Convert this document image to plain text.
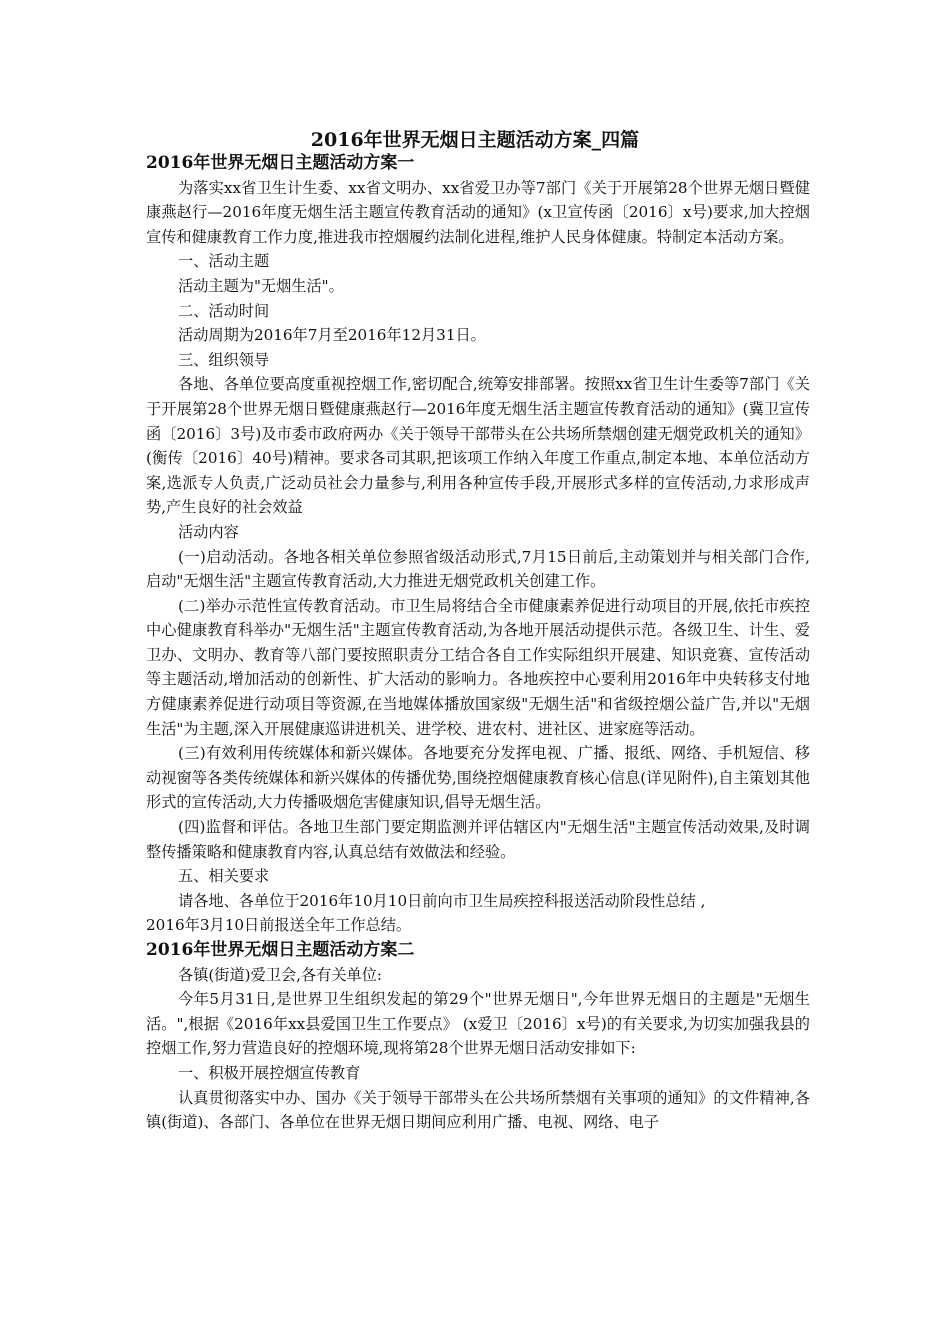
2016年世界无烟日主题活动方案_四篇

2016年世界无烟日主题活动方案一

为落实xx省卫生计生委、xx省文明办、xx省爱卫办等7部门《关于开展第28个世界无烟日暨健康燕赵行—2016年度无烟生活主题宣传教育活动的通知》(x卫宣传函〔2016〕x号)要求,加大控烟宣传和健康教育工作力度,推进我市控烟履约法制化进程,维护人民身体健康。特制定本活动方案。

一、活动主题

活动主题为"无烟生活"。

二、活动时间

活动周期为2016年7月至2016年12月31日。

三、组织领导

各地、各单位要高度重视控烟工作,密切配合,统筹安排部署。按照xx省卫生计生委等7部门《关于开展第28个世界无烟日暨健康燕赵行—2016年度无烟生活主题宣传教育活动的通知》(冀卫宣传函〔2016〕3号)及市委市政府两办《关于领导干部带头在公共场所禁烟创建无烟党政机关的通知》(衡传〔2016〕40号)精神。要求各司其职,把该项工作纳入年度工作重点,制定本地、本单位活动方案,选派专人负责,广泛动员社会力量参与,利用各种宣传手段,开展形式多样的宣传活动,力求形成声势,产生良好的社会效益

活动内容

(一)启动活动。各地各相关单位参照省级活动形式,7月15日前后,主动策划并与相关部门合作,启动"无烟生活"主题宣传教育活动,大力推进无烟党政机关创建工作。

(二)举办示范性宣传教育活动。市卫生局将结合全市健康素养促进行动项目的开展,依托市疾控中心健康教育科举办"无烟生活"主题宣传教育活动,为各地开展活动提供示范。各级卫生、计生、爱卫办、文明办、教育等八部门要按照职责分工结合各自工作实际组织开展建、知识竞赛、宣传活动等主题活动,增加活动的创新性、扩大活动的影响力。各地疾控中心要利用2016年中央转移支付地方健康素养促进行动项目等资源,在当地媒体播放国家级"无烟生活"和省级控烟公益广告,并以"无烟生活"为主题,深入开展健康巡讲进机关、进学校、进农村、进社区、进家庭等活动。

(三)有效利用传统媒体和新兴媒体。各地要充分发挥电视、广播、报纸、网络、手机短信、移动视窗等各类传统媒体和新兴媒体的传播优势,围绕控烟健康教育核心信息(详见附件),自主策划其他形式的宣传活动,大力传播吸烟危害健康知识,倡导无烟生活。

(四)监督和评估。各地卫生部门要定期监测并评估辖区内"无烟生活"主题宣传活动效果,及时调整传播策略和健康教育内容,认真总结有效做法和经验。

五、相关要求

请各地、各单位于2016年10月10日前向市卫生局疾控科报送活动阶段性总结 ,

2016年3月10日前报送全年工作总结。

2016年世界无烟日主题活动方案二

各镇(街道)爱卫会,各有关单位:

今年5月31日,是世界卫生组织发起的第29个"世界无烟日",今年世界无烟日的主题是"无烟生活。",根据《2016年xx县爱国卫生工作要点》 (x爱卫〔2016〕x号)的有关要求,为切实加强我县的控烟工作,努力营造良好的控烟环境,现将第28个世界无烟日活动安排如下:

一、积极开展控烟宣传教育

认真贯彻落实中办、国办《关于领导干部带头在公共场所禁烟有关事项的通知》的文件精神,各镇(街道)、各部门、各单位在世界无烟日期间应利用广播、电视、网络、电子
